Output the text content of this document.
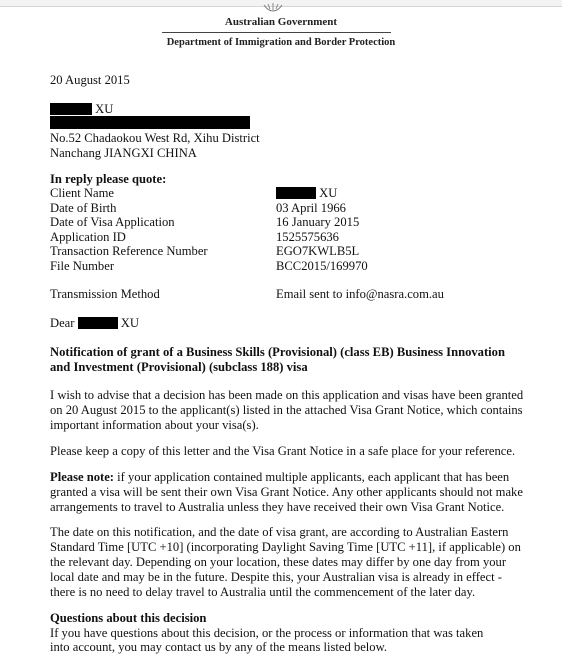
Australian Government
Department of Immigration and Border Protection
20 August 2015
XU
No.52 Chadaokou West Rd, Xihu District
Nanchang JIANGXI CHINA
In reply please quote:
Client Name	XU
Date of Birth	03 April 1966
Date of Visa Application	16 January 2015
Application ID	1525575636
Transaction Reference Number	EGO7KWLB5L
File Number	BCC2015/169970
Transmission Method	Email sent to info@nasra.com.au
Dear	XU
Notification of grant of a Business Skills (Provisional) (class EB) Business Innovation
and Investment (Provisional) (subclass 188) visa
I wish to advise that a decision has been made on this application and visas have been granted
on 20 August 2015 to the applicant(s) listed in the attached Visa Grant Notice, which contains
important information about your visa(s).
Please keep a copy of this letter and the Visa Grant Notice in a safe place for your reference.
Please note: if your application contained multiple applicants, each applicant that has been
granted a visa will be sent their own Visa Grant Notice. Any other applicants should not make
arrangements to travel to Australia unless they have received their own Visa Grant Notice.
The date on this notification, and the date of visa grant, are according to Australian Eastern
Standard Time [UTC +10] (incorporating Daylight Saving Time [UTC +11], if applicable) on
the relevant day. Depending on your location, these dates may differ by one day from your
local date and may be in the future. Despite this, your Australian visa is already in effect -
there is no need to delay travel to Australia until the commencement of the later day.
Questions about this decision
If you have questions about this decision, or the process or information that was taken
into account, you may contact us by any of the means listed below.
